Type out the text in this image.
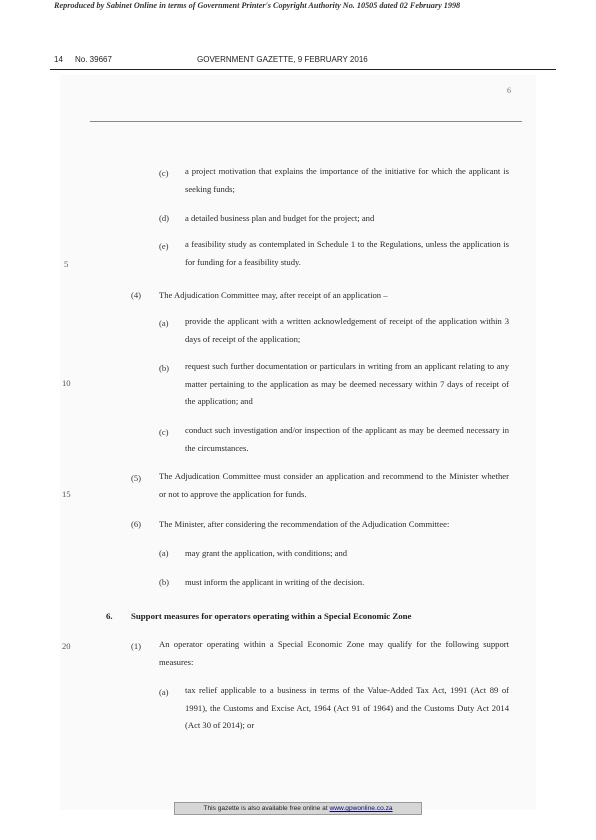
Reproduced by Sabinet Online in terms of Government Printer's Copyright Authority No. 10505 dated 02 February 1998
14 No. 39667	GOVERNMENT GAZETTE, 9 FEBRUARY 2016
6
5
10
15
20
(c) a project motivation that explains the importance of the initiative for which the applicant is seeking funds;
(d) a detailed business plan and budget for the project; and
(e) a feasibility study as contemplated in Schedule 1 to the Regulations, unless the application is for funding for a feasibility study.
(4) The Adjudication Committee may, after receipt of an application –
(a) provide the applicant with a written acknowledgement of receipt of the application within 3 days of receipt of the application;
(b) request such further documentation or particulars in writing from an applicant relating to any matter pertaining to the application as may be deemed necessary within 7 days of receipt of the application; and
(c) conduct such investigation and/or inspection of the applicant as may be deemed necessary in the circumstances.
(5) The Adjudication Committee must consider an application and recommend to the Minister whether or not to approve the application for funds.
(6) The Minister, after considering the recommendation of the Adjudication Committee:
(a) may grant the application, with conditions; and
(b) must inform the applicant in writing of the decision.
6. Support measures for operators operating within a Special Economic Zone
(1) An operator operating within a Special Economic Zone may qualify for the following support measures:
(a) tax relief applicable to a business in terms of the Value-Added Tax Act, 1991 (Act 89 of 1991), the Customs and Excise Act, 1964 (Act 91 of 1964) and the Customs Duty Act 2014 (Act 30 of 2014); or
This gazette is also available free online at www.gpwonline.co.za
